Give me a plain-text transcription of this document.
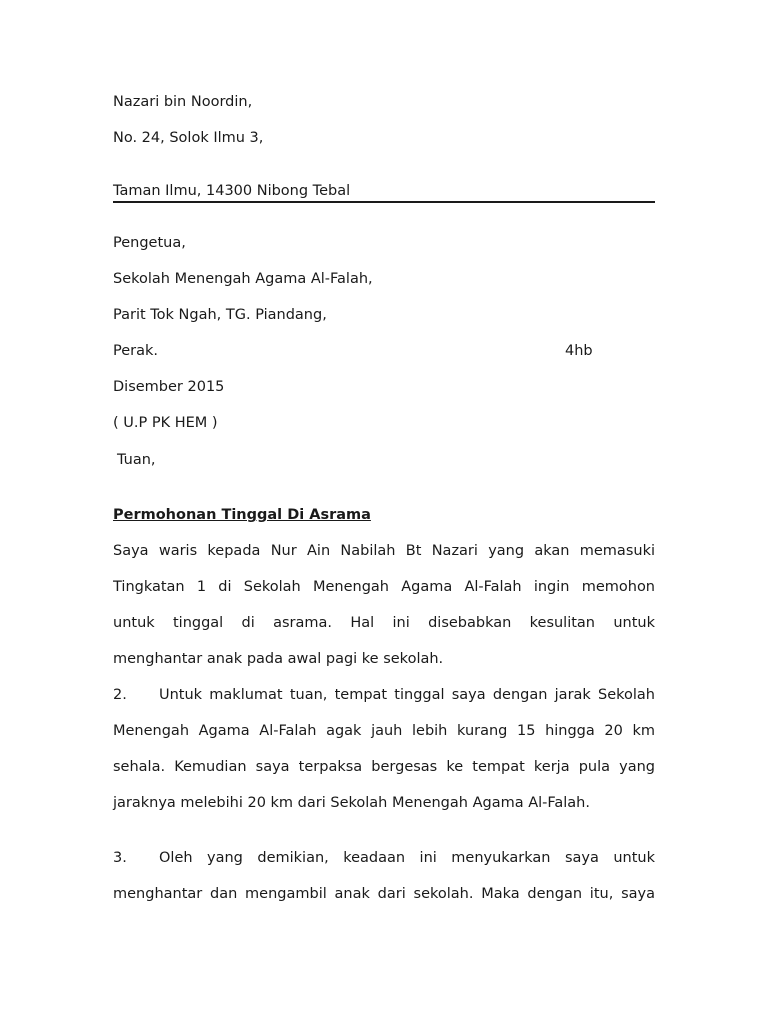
Nazari bin Noordin,
No. 24, Solok Ilmu 3,
Taman Ilmu, 14300 Nibong Tebal
Pengetua,
Sekolah Menengah Agama Al-Falah,
Parit Tok Ngah, TG. Piandang,
Perak.	4hb
Disember 2015
( U.P PK HEM )
Tuan,
Permohonan Tinggal Di Asrama
Saya waris kepada Nur Ain Nabilah Bt Nazari yang akan memasuki
Tingkatan 1 di Sekolah Menengah Agama Al-Falah ingin memohon
untuk tinggal di asrama. Hal ini disebabkan kesulitan untuk
menghantar anak pada awal pagi ke sekolah.
2. Untuk maklumat tuan, tempat tinggal saya dengan jarak Sekolah
Menengah Agama Al-Falah agak jauh lebih kurang 15 hingga 20 km
sehala. Kemudian saya terpaksa bergesas ke tempat kerja pula yang
jaraknya melebihi 20 km dari Sekolah Menengah Agama Al-Falah.
3. Oleh yang demikian, keadaan ini menyukarkan saya untuk
menghantar dan mengambil anak dari sekolah. Maka dengan itu, saya
